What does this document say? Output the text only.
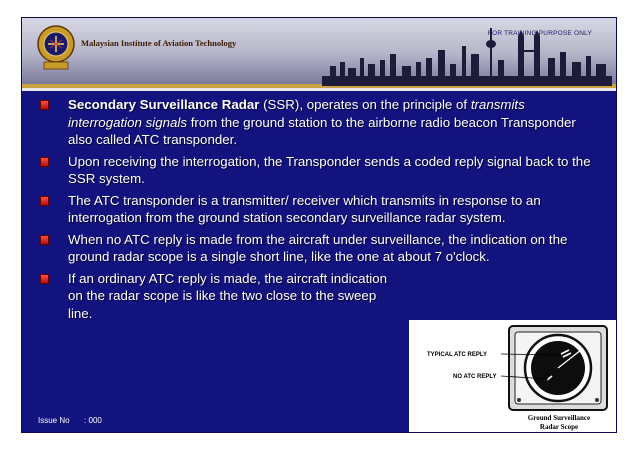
Malaysian Institute of Aviation Technology
FOR TRAINING PURPOSE ONLY
Secondary Surveillance Radar (SSR), operates on the principle of transmits interrogation signals from the ground station to the airborne radio beacon Transponder also called ATC transponder.
Upon receiving the interrogation, the Transponder sends a coded reply signal back to the SSR system.
The ATC transponder is a transmitter/ receiver which transmits in response to an interrogation from the ground station secondary surveillance radar system.
When no ATC reply is made from the aircraft under surveillance, the indication on the ground radar scope is a single short line, like the one at about 7 o'clock.
If an ordinary ATC reply is made, the aircraft indication on the radar scope is like the two close to the sweep line.
TYPICAL ATC REPLY
NO ATC REPLY
Ground Surveillance
Radar Scope
Issue No : 000
